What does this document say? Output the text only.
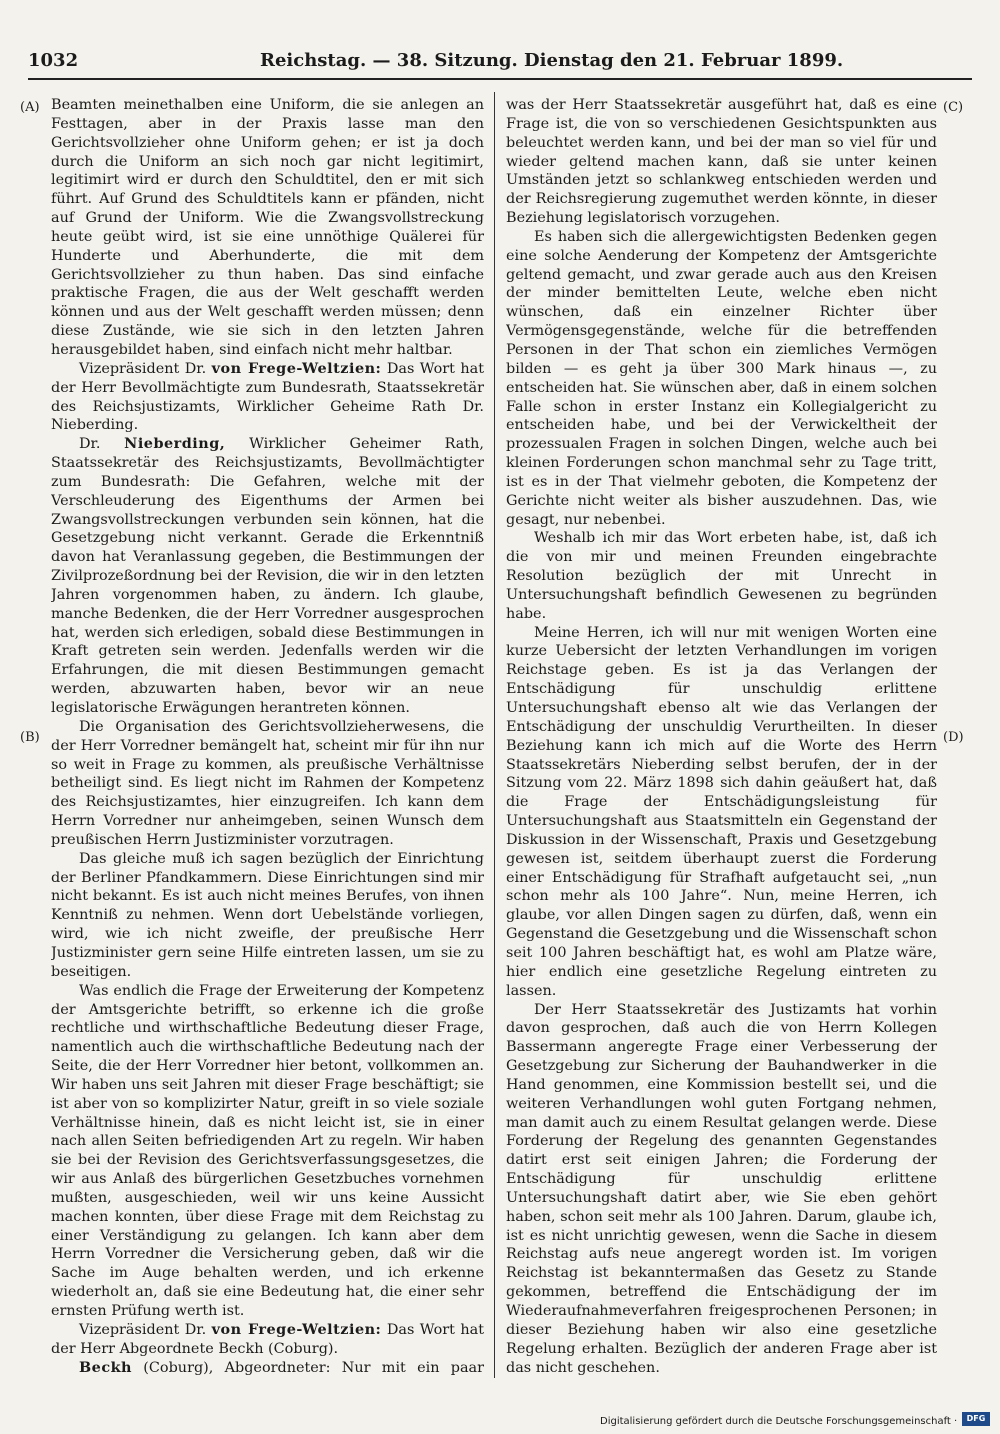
1032	Reichstag. — 38. Sitzung. Dienstag den 21. Februar 1899.
(A)
(B)
(C)
(D)

Beamten meinethalben eine Uniform, die sie anlegen an Festtagen, aber in der Praxis lasse man den Gerichtsvollzieher ohne Uniform gehen; er ist ja doch durch die Uniform an sich noch gar nicht legitimirt, legitimirt wird er durch den Schuldtitel, den er mit sich führt. Auf Grund des Schuldtitels kann er pfänden, nicht auf Grund der Uniform. Wie die Zwangsvollstreckung heute geübt wird, ist sie eine unnöthige Quälerei für Hunderte und Aberhunderte, die mit dem Gerichtsvollzieher zu thun haben. Das sind einfache praktische Fragen, die aus der Welt geschafft werden können und aus der Welt geschafft werden müssen; denn diese Zustände, wie sie sich in den letzten Jahren herausgebildet haben, sind einfach nicht mehr haltbar.

Vizepräsident Dr. von Frege-Weltzien: Das Wort hat der Herr Bevollmächtigte zum Bundesrath, Staatssekretär des Reichsjustizamts, Wirklicher Geheime Rath Dr. Nieberding.

Dr. Nieberding, Wirklicher Geheimer Rath, Staatssekretär des Reichsjustizamts, Bevollmächtigter zum Bundesrath: Die Gefahren, welche mit der Verschleuderung des Eigenthums der Armen bei Zwangsvollstreckungen verbunden sein können, hat die Gesetzgebung nicht verkannt. Gerade die Erkenntniß davon hat Veranlassung gegeben, die Bestimmungen der Zivilprozeßordnung bei der Revision, die wir in den letzten Jahren vorgenommen haben, zu ändern. Ich glaube, manche Bedenken, die der Herr Vorredner ausgesprochen hat, werden sich erledigen, sobald diese Bestimmungen in Kraft getreten sein werden. Jedenfalls werden wir die Erfahrungen, die mit diesen Bestimmungen gemacht werden, abzuwarten haben, bevor wir an neue legislatorische Erwägungen herantreten können.

Die Organisation des Gerichtsvollzieherwesens, die der Herr Vorredner bemängelt hat, scheint mir für ihn nur so weit in Frage zu kommen, als preußische Verhältnisse betheiligt sind. Es liegt nicht im Rahmen der Kompetenz des Reichsjustizamtes, hier einzugreifen. Ich kann dem Herrn Vorredner nur anheimgeben, seinen Wunsch dem preußischen Herrn Justizminister vorzutragen.

Das gleiche muß ich sagen bezüglich der Einrichtung der Berliner Pfandkammern. Diese Einrichtungen sind mir nicht bekannt. Es ist auch nicht meines Berufes, von ihnen Kenntniß zu nehmen. Wenn dort Uebelstände vorliegen, wird, wie ich nicht zweifle, der preußische Herr Justizminister gern seine Hilfe eintreten lassen, um sie zu beseitigen.

Was endlich die Frage der Erweiterung der Kompetenz der Amtsgerichte betrifft, so erkenne ich die große rechtliche und wirthschaftliche Bedeutung dieser Frage, namentlich auch die wirthschaftliche Bedeutung nach der Seite, die der Herr Vorredner hier betont, vollkommen an. Wir haben uns seit Jahren mit dieser Frage beschäftigt; sie ist aber von so komplizirter Natur, greift in so viele soziale Verhältnisse hinein, daß es nicht leicht ist, sie in einer nach allen Seiten befriedigenden Art zu regeln. Wir haben sie bei der Revision des Gerichtsverfassungsgesetzes, die wir aus Anlaß des bürgerlichen Gesetzbuches vornehmen mußten, ausgeschieden, weil wir uns keine Aussicht machen konnten, über diese Frage mit dem Reichstag zu einer Verständigung zu gelangen. Ich kann aber dem Herrn Vorredner die Versicherung geben, daß wir die Sache im Auge behalten werden, und ich erkenne wiederholt an, daß sie eine Bedeutung hat, die einer sehr ernsten Prüfung werth ist.

Vizepräsident Dr. von Frege-Weltzien: Das Wort hat der Herr Abgeordnete Beckh (Coburg).

Beckh (Coburg), Abgeordneter: Nur mit ein paar

was der Herr Staatssekretär ausgeführt hat, daß es eine Frage ist, die von so verschiedenen Gesichtspunkten aus beleuchtet werden kann, und bei der man so viel für und wieder geltend machen kann, daß sie unter keinen Umständen jetzt so schlankweg entschieden werden und der Reichsregierung zugemuthet werden könnte, in dieser Beziehung legislatorisch vorzugehen.

Es haben sich die allergewichtigsten Bedenken gegen eine solche Aenderung der Kompetenz der Amtsgerichte geltend gemacht, und zwar gerade auch aus den Kreisen der minder bemittelten Leute, welche eben nicht wünschen, daß ein einzelner Richter über Vermögensgegenstände, welche für die betreffenden Personen in der That schon ein ziemliches Vermögen bilden — es geht ja über 300 Mark hinaus —, zu entscheiden hat. Sie wünschen aber, daß in einem solchen Falle schon in erster Instanz ein Kollegialgericht zu entscheiden habe, und bei der Verwickeltheit der prozessualen Fragen in solchen Dingen, welche auch bei kleinen Forderungen schon manchmal sehr zu Tage tritt, ist es in der That vielmehr geboten, die Kompetenz der Gerichte nicht weiter als bisher auszudehnen. Das, wie gesagt, nur nebenbei.

Weshalb ich mir das Wort erbeten habe, ist, daß ich die von mir und meinen Freunden eingebrachte Resolution bezüglich der mit Unrecht in Untersuchungshaft befindlich Gewesenen zu begründen habe.

Meine Herren, ich will nur mit wenigen Worten eine kurze Uebersicht der letzten Verhandlungen im vorigen Reichstage geben. Es ist ja das Verlangen der Entschädigung für unschuldig erlittene Untersuchungshaft ebenso alt wie das Verlangen der Entschädigung der unschuldig Verurtheilten. In dieser Beziehung kann ich mich auf die Worte des Herrn Staatssekretärs Nieberding selbst berufen, der in der Sitzung vom 22. März 1898 sich dahin geäußert hat, daß die Frage der Entschädigungsleistung für Untersuchungshaft aus Staatsmitteln ein Gegenstand der Diskussion in der Wissenschaft, Praxis und Gesetzgebung gewesen ist, seitdem überhaupt zuerst die Forderung einer Entschädigung für Strafhaft aufgetaucht sei, „nun schon mehr als 100 Jahre“. Nun, meine Herren, ich glaube, vor allen Dingen sagen zu dürfen, daß, wenn ein Gegenstand die Gesetzgebung und die Wissenschaft schon seit 100 Jahren beschäftigt hat, es wohl am Platze wäre, hier endlich eine gesetzliche Regelung eintreten zu lassen.

Der Herr Staatssekretär des Justizamts hat vorhin davon gesprochen, daß auch die von Herrn Kollegen Bassermann angeregte Frage einer Verbesserung der Gesetzgebung zur Sicherung der Bauhandwerker in die Hand genommen, eine Kommission bestellt sei, und die weiteren Verhandlungen wohl guten Fortgang nehmen, man damit auch zu einem Resultat gelangen werde. Diese Forderung der Regelung des genannten Gegenstandes datirt erst seit einigen Jahren; die Forderung der Entschädigung für unschuldig erlittene Untersuchungshaft datirt aber, wie Sie eben gehört haben, schon seit mehr als 100 Jahren. Darum, glaube ich, ist es nicht unrichtig gewesen, wenn die Sache in diesem Reichstag aufs neue angeregt worden ist. Im vorigen Reichstag ist bekanntermaßen das Gesetz zu Stande gekommen, betreffend die Entschädigung der im Wiederaufnahmeverfahren freigesprochenen Personen; in dieser Beziehung haben wir also eine gesetzliche Regelung erhalten. Bezüglich der anderen Frage aber ist das nicht geschehen.

Digitalisierung gefördert durch die Deutsche Forschungsgemeinschaft ·	DFG
